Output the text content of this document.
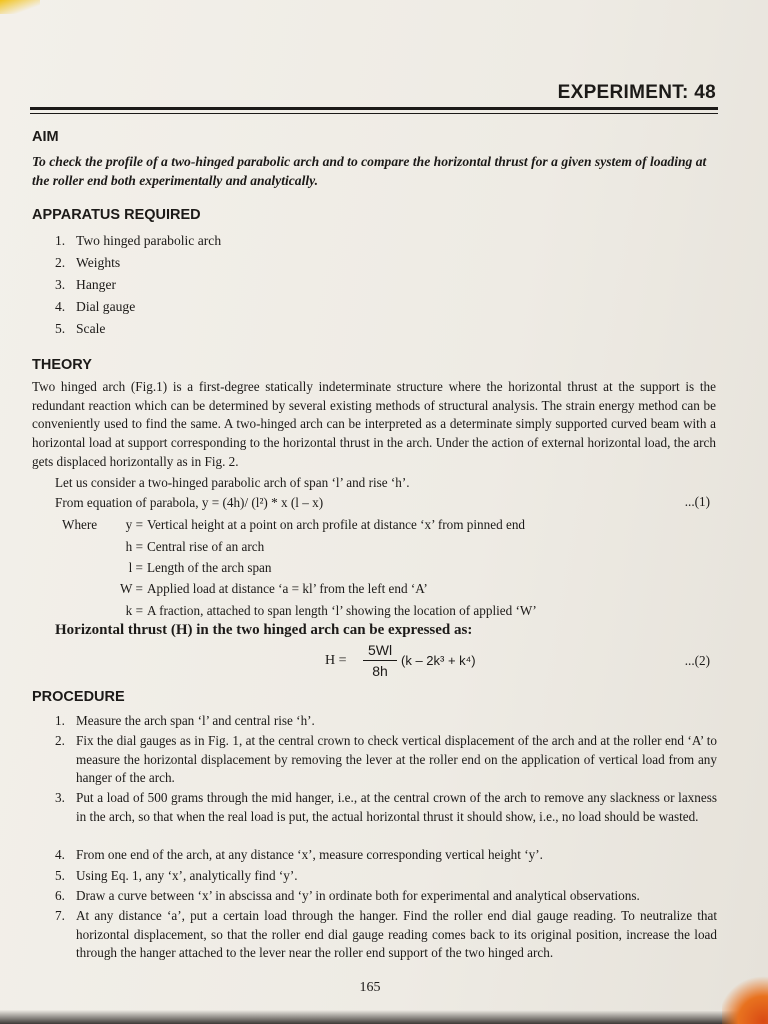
EXPERIMENT: 48
AIM
To check the profile of a two-hinged parabolic arch and to compare the horizontal thrust for a given system of loading at the roller end both experimentally and analytically.
APPARATUS REQUIRED
1. Two hinged parabolic arch
2. Weights
3. Hanger
4. Dial gauge
5. Scale
THEORY
Two hinged arch (Fig.1) is a first-degree statically indeterminate structure where the horizontal thrust at the support is the redundant reaction which can be determined by several existing methods of structural analysis. The strain energy method can be conveniently used to find the same. A two-hinged arch can be interpreted as a determinate simply supported curved beam with a horizontal load at support corresponding to the horizontal thrust in the arch. Under the action of external horizontal load, the arch gets displaced horizontally as in Fig. 2.
Let us consider a two-hinged parabolic arch of span ‘l’ and rise ‘h’.
From equation of parabola, y = (4h)/ (l²) * x (l – x)	...(1)
Where y = Vertical height at a point on arch profile at distance ‘x’ from pinned end
h = Central rise of an arch
l = Length of the arch span
W = Applied load at distance ‘a = kl’ from the left end ‘A’
k = A fraction, attached to span length ‘l’ showing the location of applied ‘W’
Horizontal thrust (H) in the two hinged arch can be expressed as:
$H = \frac{5Wl}{8h} (k - 2k^3 + k^4)$	...(2)
PROCEDURE
1. Measure the arch span ‘l’ and central rise ‘h’.
2. Fix the dial gauges as in Fig. 1, at the central crown to check vertical displacement of the arch and at the roller end ‘A’ to measure the horizontal displacement by removing the lever at the roller end on the application of vertical load from any hanger of the arch.
3. Put a load of 500 grams through the mid hanger, i.e., at the central crown of the arch to remove any slackness or laxness in the arch, so that when the real load is put, the actual horizontal thrust it should show, i.e., no load should be wasted.
4. From one end of the arch, at any distance ‘x’, measure corresponding vertical height ‘y’.
5. Using Eq. 1, any ‘x’, analytically find ‘y’.
6. Draw a curve between ‘x’ in abscissa and ‘y’ in ordinate both for experimental and analytical observations.
7. At any distance ‘a’, put a certain load through the hanger. Find the roller end dial gauge reading. To neutralize that horizontal displacement, so that the roller end dial gauge reading comes back to its original position, increase the load through the hanger attached to the lever near the roller end support of the two hinged arch.
165
